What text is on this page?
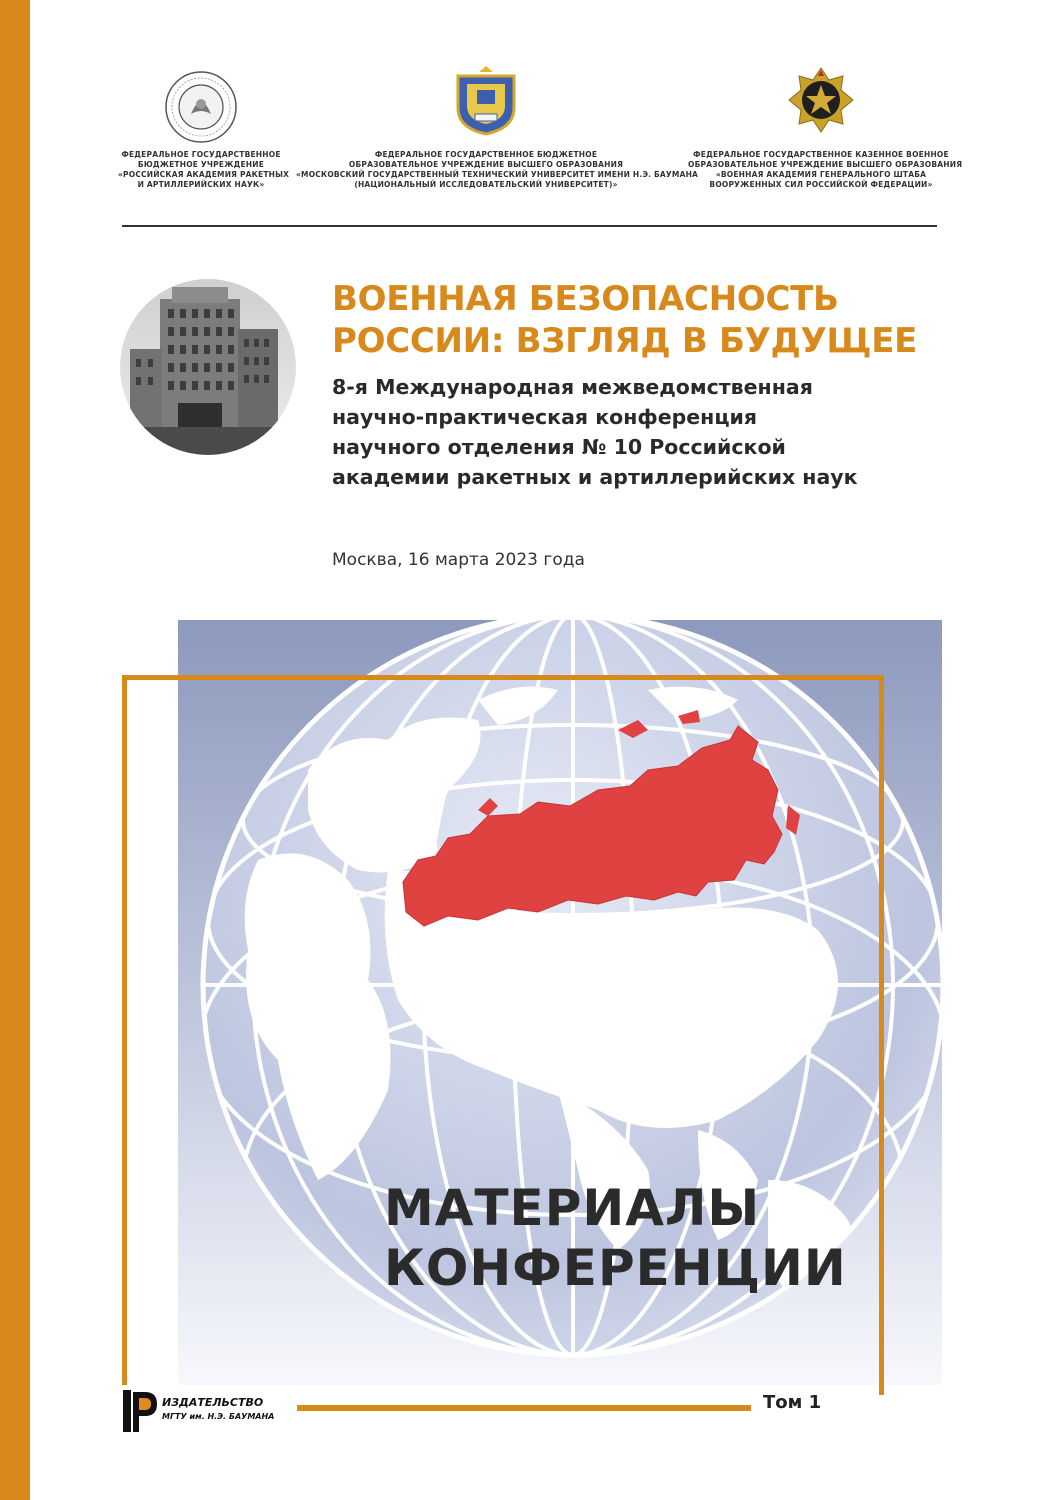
ФЕДЕРАЛЬНОЕ ГОСУДАРСТВЕННОЕ
БЮДЖЕТНОЕ УЧРЕЖДЕНИЕ
«РОССИЙСКАЯ АКАДЕМИЯ РАКЕТНЫХ
И АРТИЛЛЕРИЙСКИХ НАУК»
ФЕДЕРАЛЬНОЕ ГОСУДАРСТВЕННОЕ БЮДЖЕТНОЕ
ОБРАЗОВАТЕЛЬНОЕ УЧРЕЖДЕНИЕ ВЫСШЕГО ОБРАЗОВАНИЯ
«МОСКОВСКИЙ ГОСУДАРСТВЕННЫЙ ТЕХНИЧЕСКИЙ УНИВЕРСИТЕТ ИМЕНИ Н.Э. БАУМАНА
(НАЦИОНАЛЬНЫЙ ИССЛЕДОВАТЕЛЬСКИЙ УНИВЕРСИТЕТ)»
ФЕДЕРАЛЬНОЕ ГОСУДАРСТВЕННОЕ КАЗЕННОЕ ВОЕННОЕ
ОБРАЗОВАТЕЛЬНОЕ УЧРЕЖДЕНИЕ ВЫСШЕГО ОБРАЗОВАНИЯ
«ВОЕННАЯ АКАДЕМИЯ ГЕНЕРАЛЬНОГО ШТАБА
ВООРУЖЕННЫХ СИЛ РОССИЙСКОЙ ФЕДЕРАЦИИ»
ВОЕННАЯ БЕЗОПАСНОСТЬ
РОССИИ: ВЗГЛЯД В БУДУЩЕЕ
8-я Международная межведомственная
научно-практическая конференция
научного отделения № 10 Российской
академии ракетных и артиллерийских наук
Москва, 16 марта 2023 года
МАТЕРИАЛЫ
КОНФЕРЕНЦИИ
Том 1
ИЗДАТЕЛЬСТВО
МГТУ им. Н.Э. БАУМАНА
